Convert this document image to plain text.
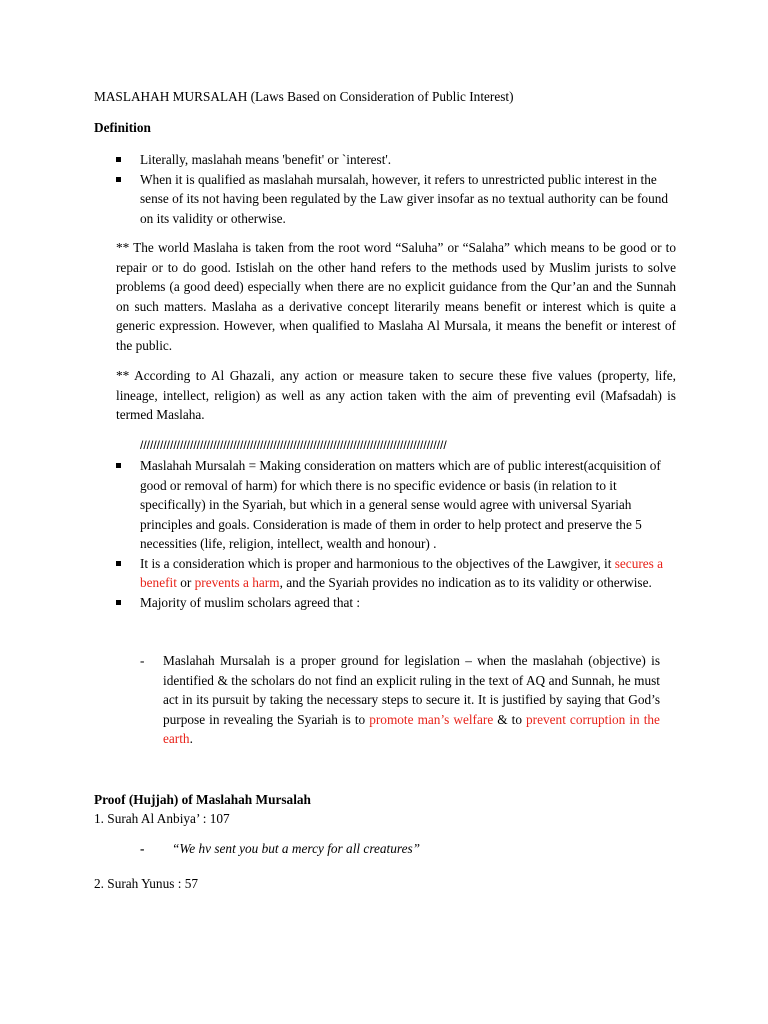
MASLAHAH MURSALAH (Laws Based on Consideration of Public Interest)
Definition
Literally, maslahah means 'benefit' or `interest'.
When it is qualified as maslahah mursalah, however, it refers to unrestricted public interest in the sense of its not having been regulated by the Law giver insofar as no textual authority can be found on its validity or otherwise.

** The world Maslaha is taken from the root word “Saluha” or “Salaha” which means to be good or to repair or to do good. Istislah on the other hand refers to the methods used by Muslim jurists to solve problems (a good deed) especially when there are no explicit guidance from the Qur’an and the Sunnah on such matters. Maslaha as a derivative concept literarily means benefit or interest which is quite a generic expression. However, when qualified to Maslaha Al Mursala, it means the benefit or interest of the public.

** According to Al Ghazali, any action or measure taken to secure these five values (property, life, lineage, intellect, religion) as well as any action taken with the aim of preventing evil (Mafsadah) is termed Maslaha.

////////////////////////////////////////////////////////////////////////////////////////////
Maslahah Mursalah = Making consideration on matters which are of public interest(acquisition of good or removal of harm) for which there is no specific evidence or basis (in relation to it specifically) in the Syariah, but which in a general sense would agree with universal Syariah principles and goals. Consideration is made of them in order to help protect and preserve the 5 necessities (life, religion, intellect, wealth and honour) .
It is a consideration which is proper and harmonious to the objectives of the Lawgiver, it secures a benefit or prevents a harm, and the Syariah provides no indication as to its validity or otherwise.
Majority of muslim scholars agreed that :
- Maslahah Mursalah is a proper ground for legislation – when the maslahah (objective) is identified & the scholars do not find an explicit ruling in the text of AQ and Sunnah, he must act in its pursuit by taking the necessary steps to secure it. It is justified by saying that God’s purpose in revealing the Syariah is to promote man’s welfare & to prevent corruption in the earth.
Proof (Hujjah) of Maslahah Mursalah
1. Surah Al Anbiya’ : 107
- “We hv sent you but a mercy for all creatures”
2. Surah Yunus : 57
